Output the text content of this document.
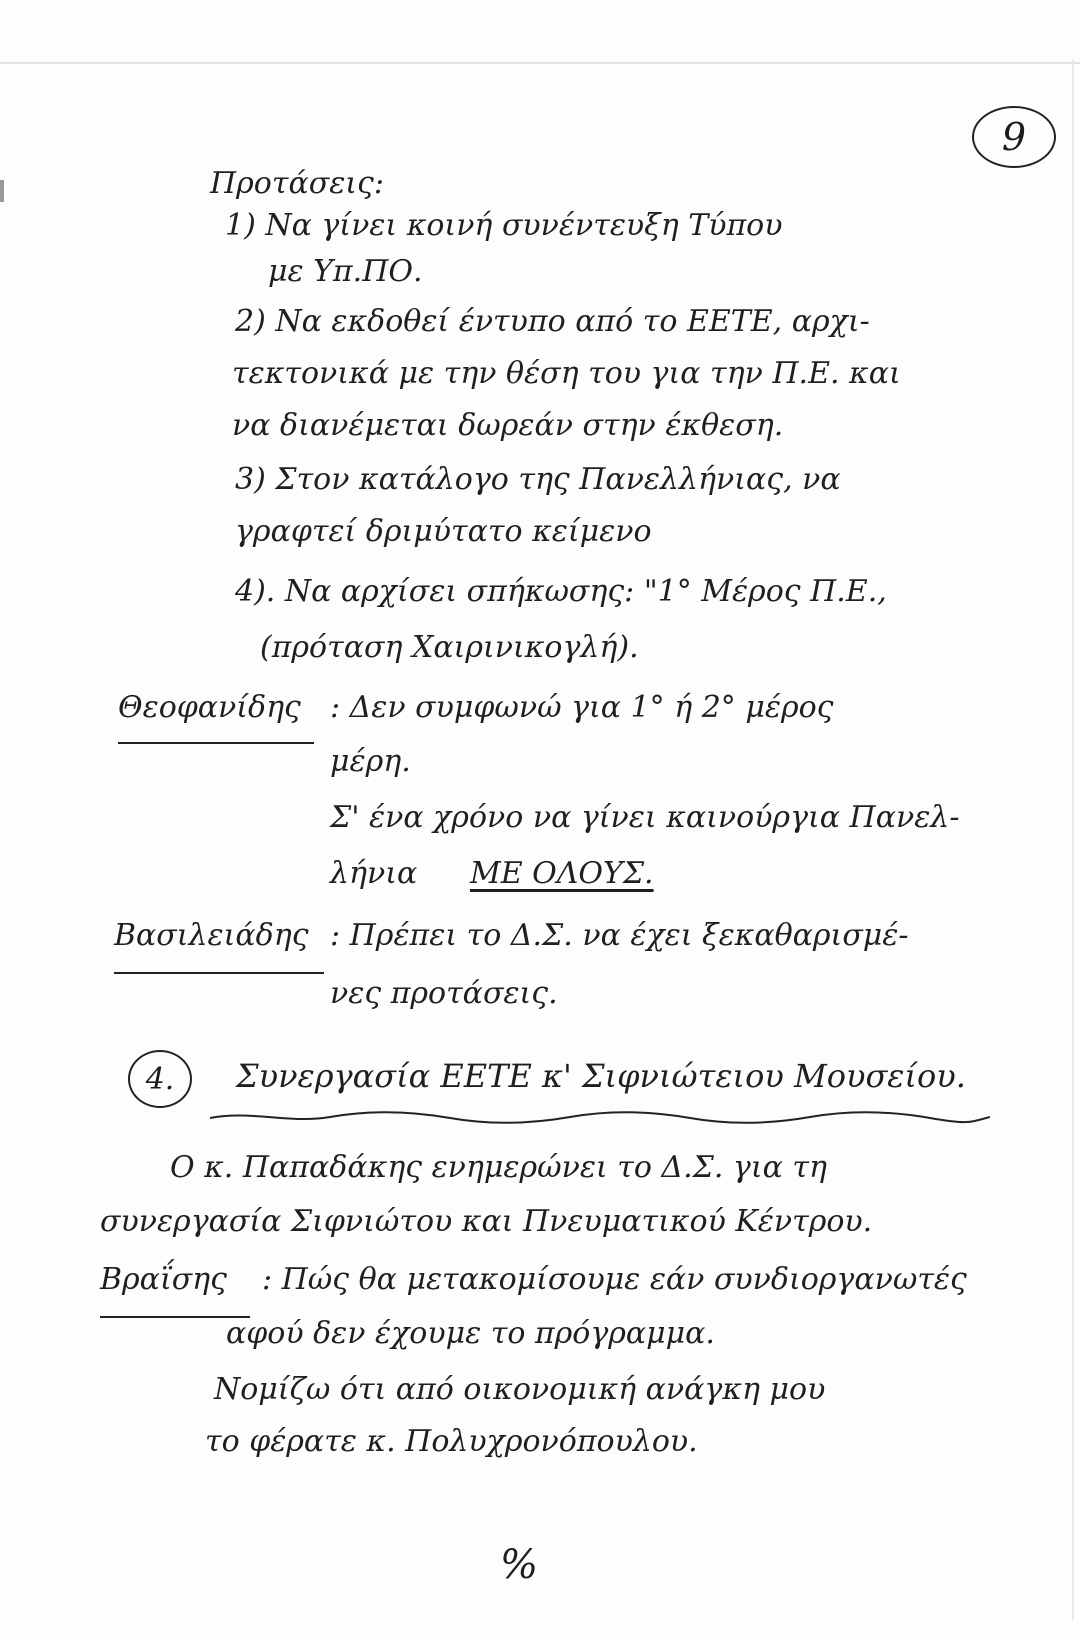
9

Προτάσεις:

1) Να γίνει κοινή συνέντευξη Τύπου

με Υπ.ΠΟ.

2) Να εκδοθεί έντυπο από το ΕΕΤΕ, αρχι-

τεκτονικά με την θέση του για την Π.Ε. και

να διανέμεται δωρεάν στην έκθεση.

3) Στον κατάλογο της Πανελλήνιας, να

γραφτεί δριμύτατο κείμενο

4). Να αρχίσει σπήκωσης: "1° Μέρος Π.Ε.,

(πρόταση Χαιρινικογλή).

Θεοφανίδης : Δεν συμφωνώ για 1° ή 2° μέρος

μέρη.

Σ' ένα χρόνο να γίνει καινούργια Πανελ-

λήνια ΜΕ ΟΛΟΥΣ.

Βασιλειάδης : Πρέπει το Δ.Σ. να έχει ξεκαθαρισμέ-

νες προτάσεις.

4.	Συνεργασία ΕΕΤΕ κ' Σιφνιώτειου Μουσείου.

Ο κ. Παπαδάκης ενημερώνει το Δ.Σ. για τη

συνεργασία Σιφνιώτου και Πνευματικού Κέντρου.

Βραΐσης : Πώς θα μετακομίσουμε εάν συνδιοργανωτές

αφού δεν έχουμε το πρόγραμμα.

Νομίζω ότι από οικονομική ανάγκη μου

το φέρατε κ. Πολυχρονόπουλου.

%
